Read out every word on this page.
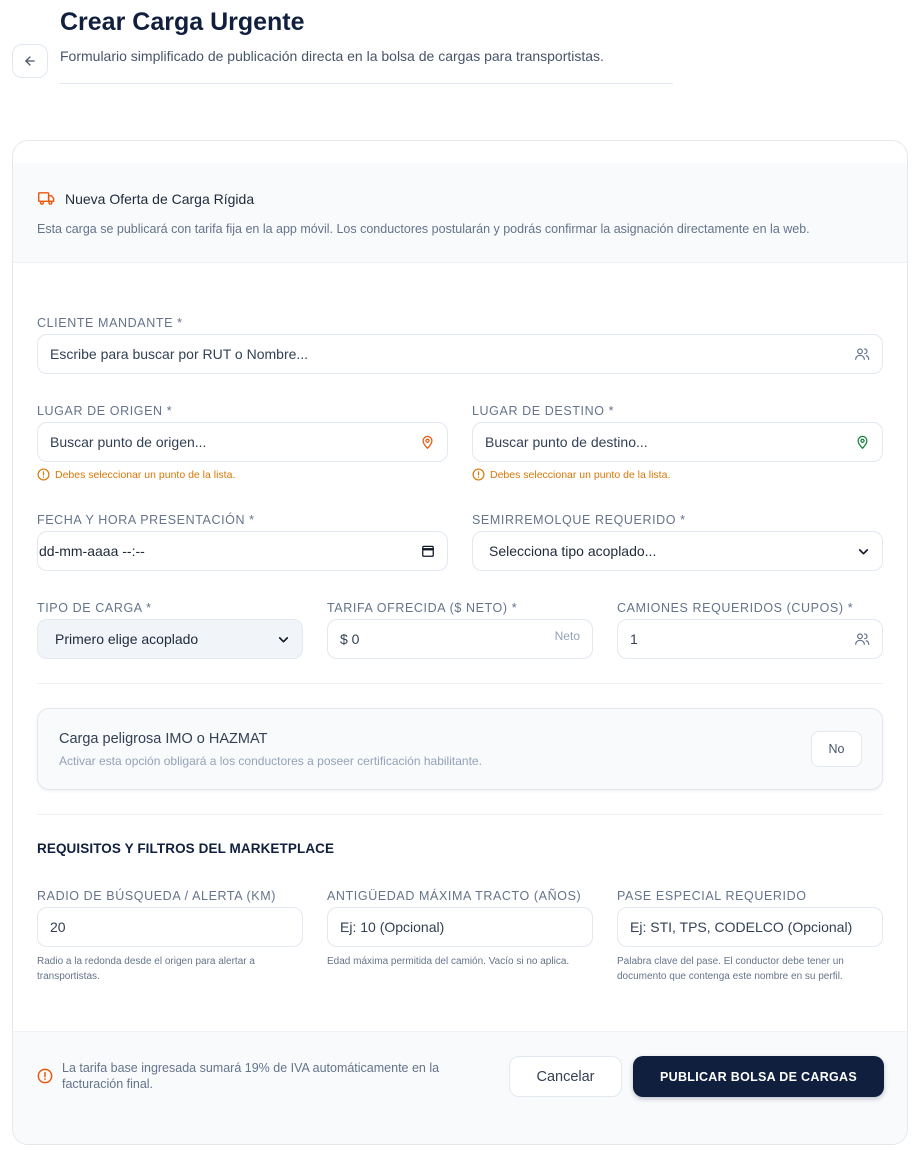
Crear Carga Urgente
Formulario simplificado de publicación directa en la bolsa de cargas para transportistas.
Nueva Oferta de Carga Rígida
Esta carga se publicará con tarifa fija en la app móvil. Los conductores postularán y podrás confirmar la asignación directamente en la web.
CLIENTE MANDANTE *
Escribe para buscar por RUT o Nombre...
LUGAR DE ORIGEN *
Buscar punto de origen...
Debes seleccionar un punto de la lista.
LUGAR DE DESTINO *
Buscar punto de destino...
Debes seleccionar un punto de la lista.
FECHA Y HORA PRESENTACIÓN *
dd-mm-aaaa --:--
SEMIRREMOLQUE REQUERIDO *
Selecciona tipo acoplado...
TIPO DE CARGA *
Primero elige acoplado
TARIFA OFRECIDA ($ NETO) *
$ 0	Neto
CAMIONES REQUERIDOS (CUPOS) *
1
Carga peligrosa IMO o HAZMAT
Activar esta opción obligará a los conductores a poseer certificación habilitante.
No
REQUISITOS Y FILTROS DEL MARKETPLACE
RADIO DE BÚSQUEDA / ALERTA (KM)
20
Radio a la redonda desde el origen para alertar a transportistas.
ANTIGÜEDAD MÁXIMA TRACTO (AÑOS)
Ej: 10 (Opcional)
Edad máxima permitida del camión. Vacío si no aplica.
PASE ESPECIAL REQUERIDO
Ej: STI, TPS, CODELCO (Opcional)
Palabra clave del pase. El conductor debe tener un documento que contenga este nombre en su perfil.
La tarifa base ingresada sumará 19% de IVA automáticamente en la facturación final.	Cancelar	PUBLICAR BOLSA DE CARGAS
